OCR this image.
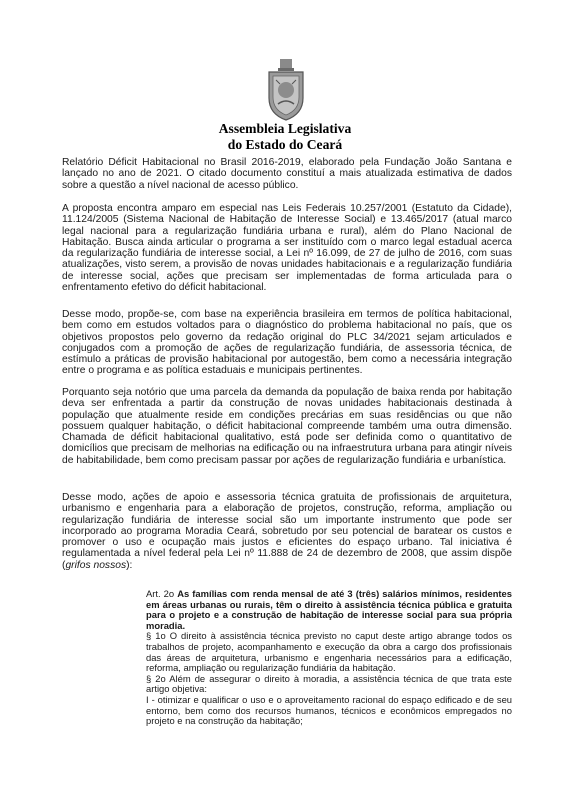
Assembleia Legislativa
do Estado do Ceará

Relatório Déficit Habitacional no Brasil 2016-2019, elaborado pela Fundação João Santana e lançado no ano de 2021. O citado documento constituí a mais atualizada estimativa de dados sobre a questão a nível nacional de acesso público.

A proposta encontra amparo em especial nas Leis Federais 10.257/2001 (Estatuto da Cidade), 11.124/2005 (Sistema Nacional de Habitação de Interesse Social) e 13.465/2017 (atual marco legal nacional para a regularização fundiária urbana e rural), além do Plano Nacional de Habitação. Busca ainda articular o programa a ser instituído com o marco legal estadual acerca da regularização fundiária de interesse social, a Lei nº 16.099, de 27 de julho de 2016, com suas atualizações, visto serem, a provisão de novas unidades habitacionais e a regularização fundiária de interesse social, ações que precisam ser implementadas de forma articulada para o enfrentamento efetivo do déficit habitacional.

Desse modo, propõe-se, com base na experiência brasileira em termos de política habitacional, bem como em estudos voltados para o diagnóstico do problema habitacional no país, que os objetivos propostos pelo governo da redação original do PLC 34/2021 sejam articulados e conjugados com a promoção de ações de regularização fundiária, de assessoria técnica, de estímulo a práticas de provisão habitacional por autogestão, bem como a necessária integração entre o programa e as política estaduais e municipais pertinentes.

Porquanto seja notório que uma parcela da demanda da população de baixa renda por habitação deva ser enfrentada a partir da construção de novas unidades habitacionais destinada à população que atualmente reside em condições precárias em suas residências ou que não possuem qualquer habitação, o déficit habitacional compreende também uma outra dimensão. Chamada de déficit habitacional qualitativo, está pode ser definida como o quantitativo de domicílios que precisam de melhorias na edificação ou na infraestrutura urbana para atingir níveis de habitabilidade, bem como precisam passar por ações de regularização fundiária e urbanística.

Desse modo, ações de apoio e assessoria técnica gratuita de profissionais de arquitetura, urbanismo e engenharia para a elaboração de projetos, construção, reforma, ampliação ou regularização fundiária de interesse social são um importante instrumento que pode ser incorporado ao programa Moradia Ceará, sobretudo por seu potencial de baratear os custos e promover o uso e ocupação mais justos e eficientes do espaço urbano. Tal iniciativa é regulamentada a nível federal pela Lei nº 11.888 de 24 de dezembro de 2008, que assim dispõe (grifos nossos):

Art. 2o As famílias com renda mensal de até 3 (três) salários mínimos, residentes em áreas urbanas ou rurais, têm o direito à assistência técnica pública e gratuita para o projeto e a construção de habitação de interesse social para sua própria moradia.

§ 1o O direito à assistência técnica previsto no caput deste artigo abrange todos os trabalhos de projeto, acompanhamento e execução da obra a cargo dos profissionais das áreas de arquitetura, urbanismo e engenharia necessários para a edificação, reforma, ampliação ou regularização fundiária da habitação.

§ 2o Além de assegurar o direito à moradia, a assistência técnica de que trata este artigo objetiva:

I - otimizar e qualificar o uso e o aproveitamento racional do espaço edificado e de seu entorno, bem como dos recursos humanos, técnicos e econômicos empregados no projeto e na construção da habitação;
